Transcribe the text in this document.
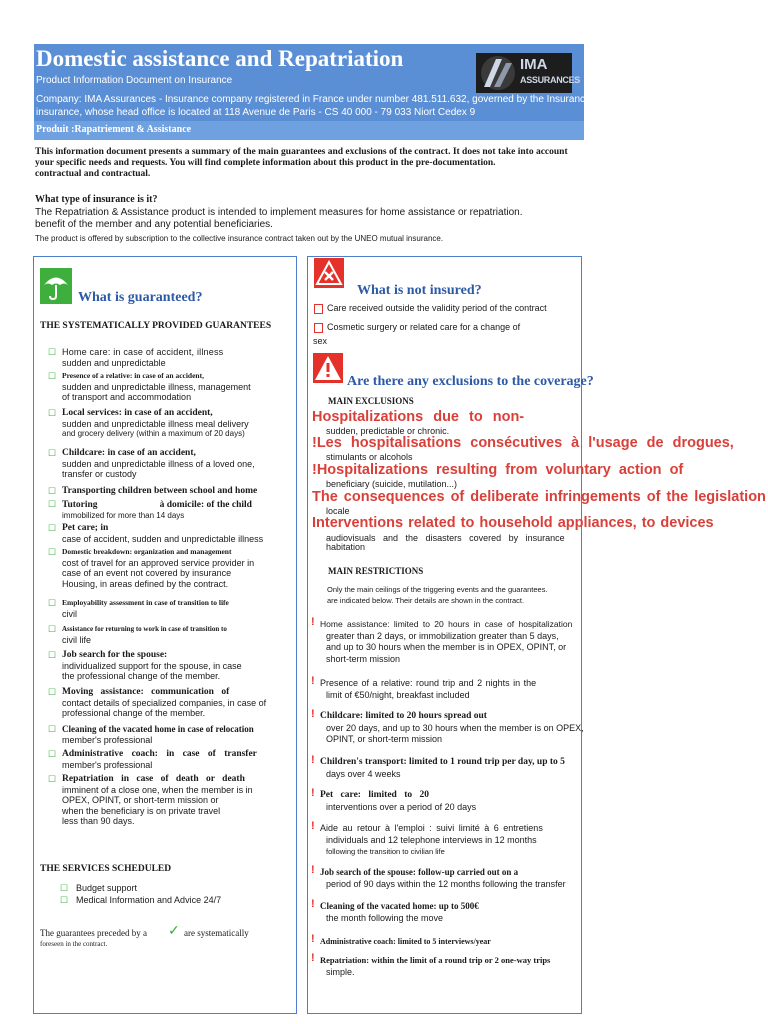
Domestic assistance and Repatriation
Product Information Document on Insurance
Company: IMA Assurances - Insurance company registered in France under number 481.511.632, governed by the Insurance Code.
insurance, whose head office is located at 118 Avenue de Paris - CS 40 000 - 79 033 Niort Cedex 9
Produit :Rapatriement & Assistance
IMA
ASSURANCES
This information document presents a summary of the main guarantees and exclusions of the contract. It does not take into account
your specific needs and requests. You will find complete information about this product in the pre-documentation.
contractual and contractual.
What type of insurance is it?
The Repatriation & Assistance product is intended to implement measures for home assistance or repatriation.
benefit of the member and any potential beneficiaries.
The product is offered by subscription to the collective insurance contract taken out by the UNEO mutual insurance.
What is guaranteed?
THE SYSTEMATICALLY PROVIDED GUARANTEES
☐ Home care: in case of accident, illness
sudden and unpredictable
☐ Presence of a relative: in case of an accident,
sudden and unpredictable illness, management
of transport and accommodation
☐ Local services: in case of an accident,
sudden and unpredictable illness meal delivery
and grocery delivery (within a maximum of 20 days)
☐ Childcare: in case of an accident,
sudden and unpredictable illness of a loved one,
transfer or custody
☐ Transporting children between school and home
☐ Tutoring	à domicile: of the child
immobilized for more than 14 days
☐ Pet care; in
case of accident, sudden and unpredictable illness
☐ Domestic breakdown: organization and management
cost of travel for an approved service provider in
case of an event not covered by insurance
Housing, in areas defined by the contract.
☐ Employability assessment in case of transition to life
civil
☐ Assistance for returning to work in case of transition to
civil life
☐ Job search for the spouse:
individualized support for the spouse, in case
the professional change of the member.
☐ Moving assistance: communication of
contact details of specialized companies, in case of
professional change of the member.
☐ Cleaning of the vacated home in case of relocation
member's professional
☐ Administrative coach: in case of transfer
member's professional
☐ Repatriation in case of death or death
imminent of a close one, when the member is in
OPEX, OPINT, or short-term mission or
when the beneficiary is on private travel
less than 90 days.
THE SERVICES SCHEDULED
☐ Budget support
☐ Medical Information and Advice 24/7
The guarantees preceded by a ✓ are systematically
foreseen in the contract.
What is not insured?
Care received outside the validity period of the contract
Cosmetic surgery or related care for a change of
sex
Are there any exclusions to the coverage?
MAIN EXCLUSIONS
Hospitalizations due to non-
sudden, predictable or chronic.
!Les hospitalisations consécutives à l'usage de drogues,
stimulants or alcohols
!Hospitalizations resulting from voluntary action of
beneficiary (suicide, mutilation...)
The consequences of deliberate infringements of the legislation
locale
Interventions related to household appliances, to devices
audiovisuals and the disasters covered by insurance
habitation
MAIN RESTRICTIONS
Only the main ceilings of the triggering events and the guarantees.
are indicated below. Their details are shown in the contract.
! Home assistance: limited to 20 hours in case of hospitalization
greater than 2 days, or immobilization greater than 5 days,
and up to 30 hours when the member is in OPEX, OPINT, or
short-term mission
! Presence of a relative: round trip and 2 nights in the
limit of €50/night, breakfast included
! Childcare: limited to 20 hours spread out
over 20 days, and up to 30 hours when the member is on OPEX,
OPINT, or short-term mission
! Children's transport: limited to 1 round trip per day, up to 5
days over 4 weeks
! Pet care: limited to 20
interventions over a period of 20 days
! Aide au retour à l'emploi : suivi limité à 6 entretiens
individuals and 12 telephone interviews in 12 months
following the transition to civilian life
! Job search of the spouse: follow-up carried out on a
period of 90 days within the 12 months following the transfer
! Cleaning of the vacated home: up to 500€
the month following the move
! Administrative coach: limited to 5 interviews/year
! Repatriation: within the limit of a round trip or 2 one-way trips
simple.
